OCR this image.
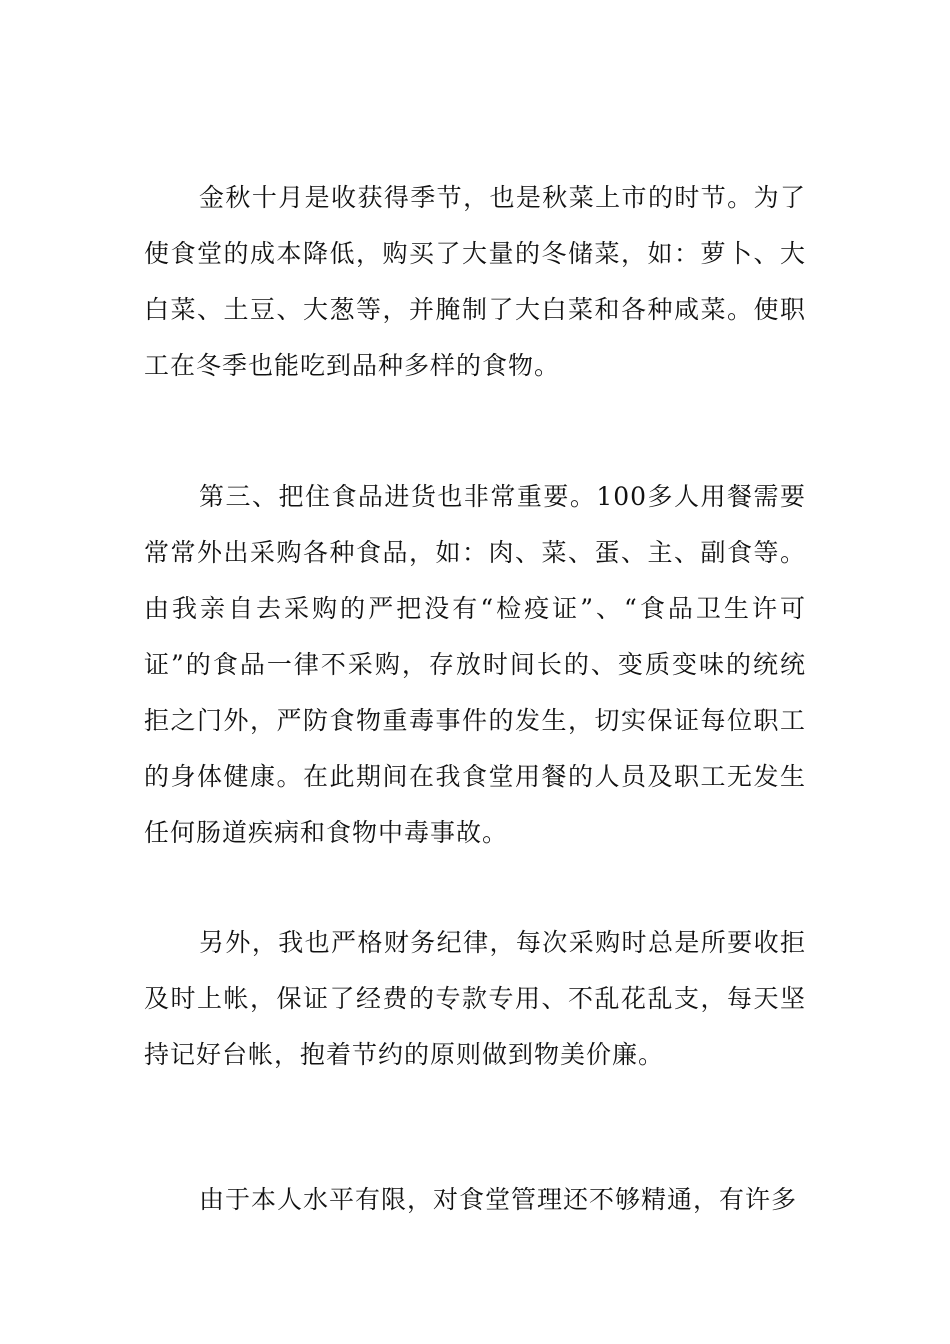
金秋十月是收获得季节，也是秋菜上市的时节。为了使食堂的成本降低，购买了大量的冬储菜，如：萝卜、大白菜、土豆、大葱等，并腌制了大白菜和各种咸菜。使职工在冬季也能吃到品种多样的食物。

第三、把住食品进货也非常重要。100多人用餐需要常常外出采购各种食品，如：肉、菜、蛋、主、副食等。由我亲自去采购的严把没有“检疫证”、“食品卫生许可证”的食品一律不采购，存放时间长的、变质变味的统统拒之门外，严防食物重毒事件的发生，切实保证每位职工的身体健康。在此期间在我食堂用餐的人员及职工无发生任何肠道疾病和食物中毒事故。

另外，我也严格财务纪律，每次采购时总是所要收拒及时上帐，保证了经费的专款专用、不乱花乱支，每天坚持记好台帐，抱着节约的原则做到物美价廉。

由于本人水平有限，对食堂管理还不够精通，有许多
